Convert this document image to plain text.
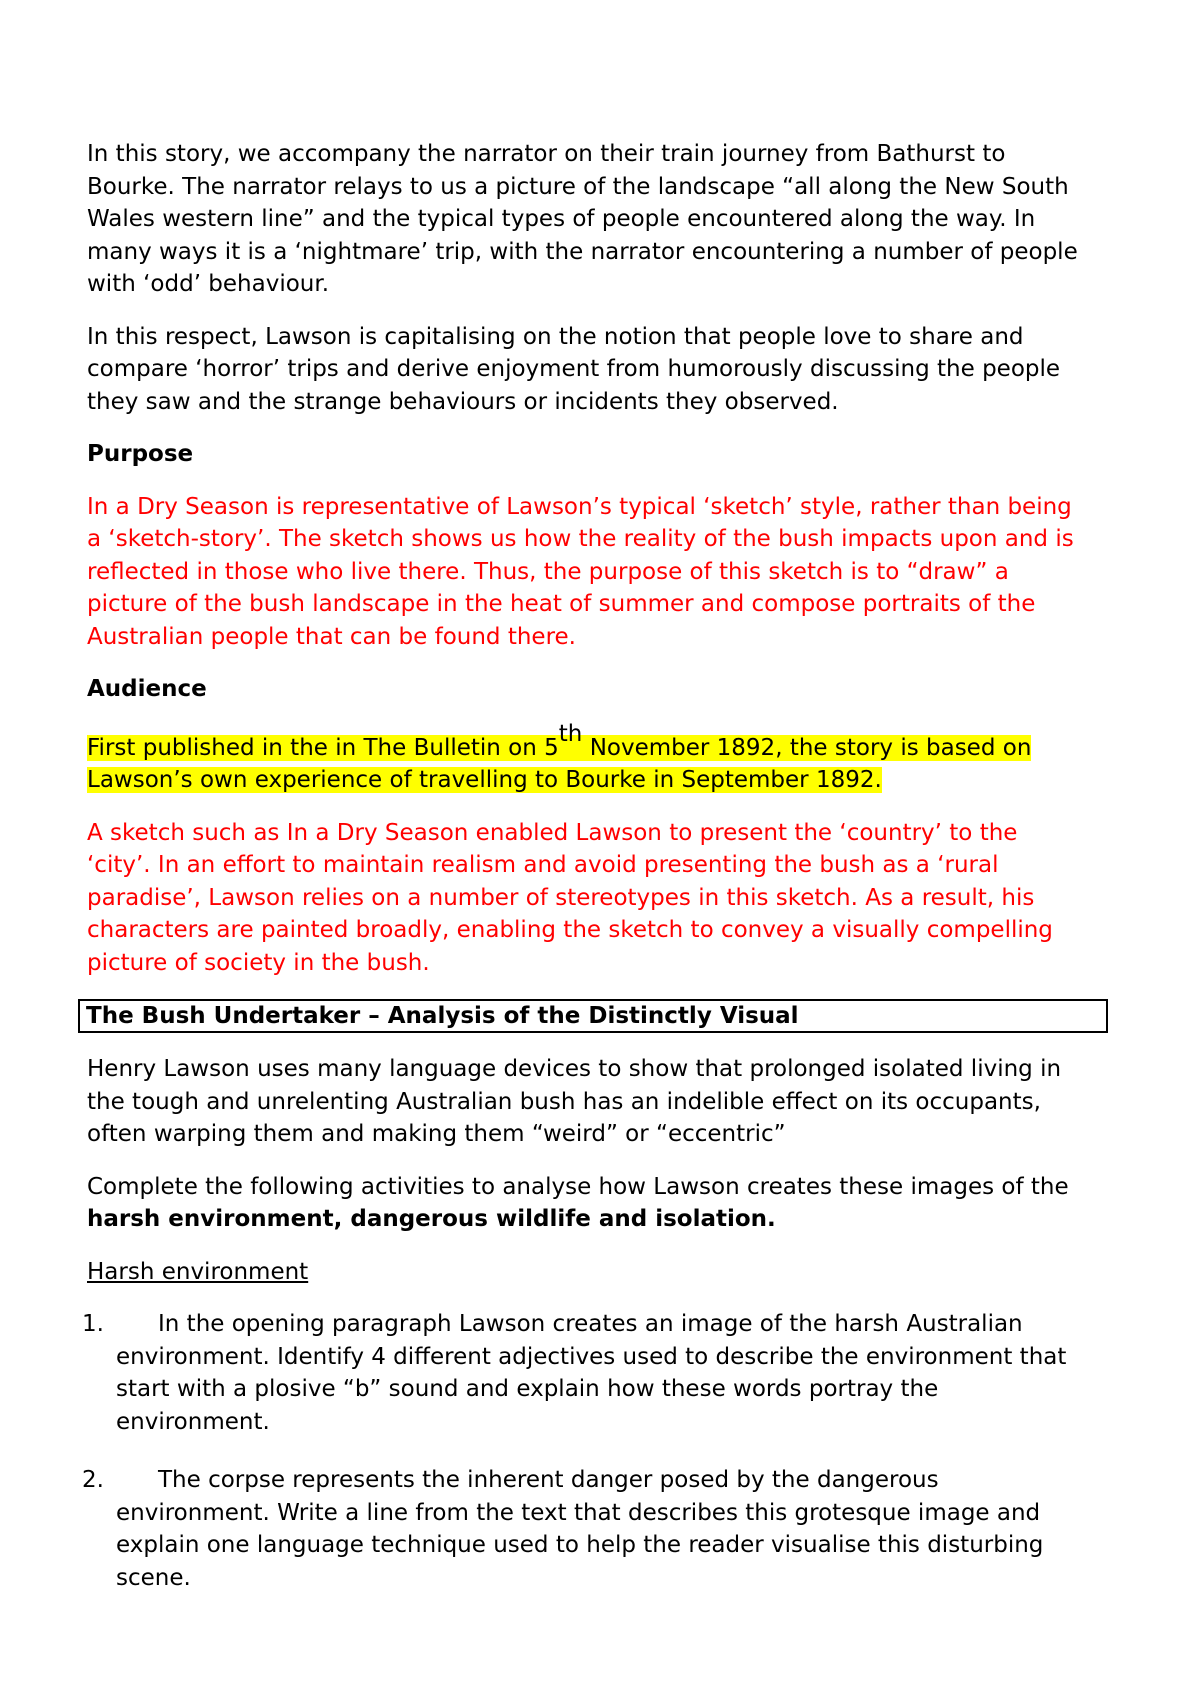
In this story, we accompany the narrator on their train journey from Bathurst to Bourke. The narrator relays to us a picture of the landscape “all along the New South Wales western line” and the typical types of people encountered along the way. In many ways it is a ‘nightmare’ trip, with the narrator encountering a number of people with ‘odd’ behaviour.

In this respect, Lawson is capitalising on the notion that people love to share and compare ‘horror’ trips and derive enjoyment from humorously discussing the people they saw and the strange behaviours or incidents they observed.

Purpose

In a Dry Season is representative of Lawson’s typical ‘sketch’ style, rather than being a ‘sketch-story’. The sketch shows us how the reality of the bush impacts upon and is reflected in those who live there. Thus, the purpose of this sketch is to “draw” a picture of the bush landscape in the heat of summer and compose portraits of the Australian people that can be found there.

Audience

First published in the in The Bulletin on 5th November 1892, the story is based on Lawson’s own experience of travelling to Bourke in September 1892.

A sketch such as In a Dry Season enabled Lawson to present the ‘country’ to the ‘city’. In an effort to maintain realism and avoid presenting the bush as a ‘rural paradise’, Lawson relies on a number of stereotypes in this sketch. As a result, his characters are painted broadly, enabling the sketch to convey a visually compelling picture of society in the bush.

The Bush Undertaker – Analysis of the Distinctly Visual

Henry Lawson uses many language devices to show that prolonged isolated living in the tough and unrelenting Australian bush has an indelible effect on its occupants, often warping them and making them “weird” or “eccentric”

Complete the following activities to analyse how Lawson creates these images of the harsh environment, dangerous wildlife and isolation.

Harsh environment

1. In the opening paragraph Lawson creates an image of the harsh Australian environment. Identify 4 different adjectives used to describe the environment that start with a plosive “b” sound and explain how these words portray the environment.
2. The corpse represents the inherent danger posed by the dangerous environment. Write a line from the text that describes this grotesque image and explain one language technique used to help the reader visualise this disturbing scene.
